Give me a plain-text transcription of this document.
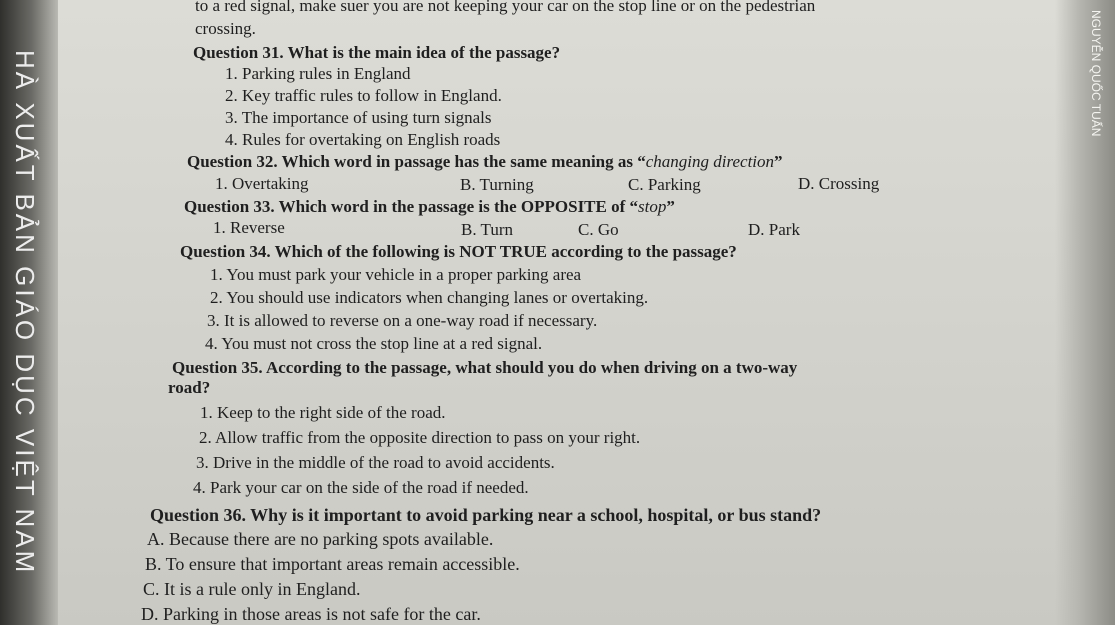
HÀ XUẤT BẢN GIÁO DỤC VIỆT NAM	NGUYỄN QUỐC TUẤN
to a red signal, make suer you are not keeping your car on the stop line or on the pedestrian
crossing.
Question 31. What is the main idea of the passage?
1. Parking rules in England
2. Key traffic rules to follow in England.
3. The importance of using turn signals
4. Rules for overtaking on English roads
Question 32. Which word in passage has the same meaning as “changing direction”
1. Overtaking	B. Turning	C. Parking	D. Crossing
Question 33. Which word in the passage is the OPPOSITE of “stop”
1. Reverse	B. Turn	C. Go	D. Park
Question 34. Which of the following is NOT TRUE according to the passage?
1. You must park your vehicle in a proper parking area
2. You should use indicators when changing lanes or overtaking.
3. It is allowed to reverse on a one-way road if necessary.
4. You must not cross the stop line at a red signal.
Question 35. According to the passage, what should you do when driving on a two-way
road?
1. Keep to the right side of the road.
2. Allow traffic from the opposite direction to pass on your right.
3. Drive in the middle of the road to avoid accidents.
4. Park your car on the side of the road if needed.
Question 36. Why is it important to avoid parking near a school, hospital, or bus stand?
A. Because there are no parking spots available.
B. To ensure that important areas remain accessible.
C. It is a rule only in England.
D. Parking in those areas is not safe for the car.
